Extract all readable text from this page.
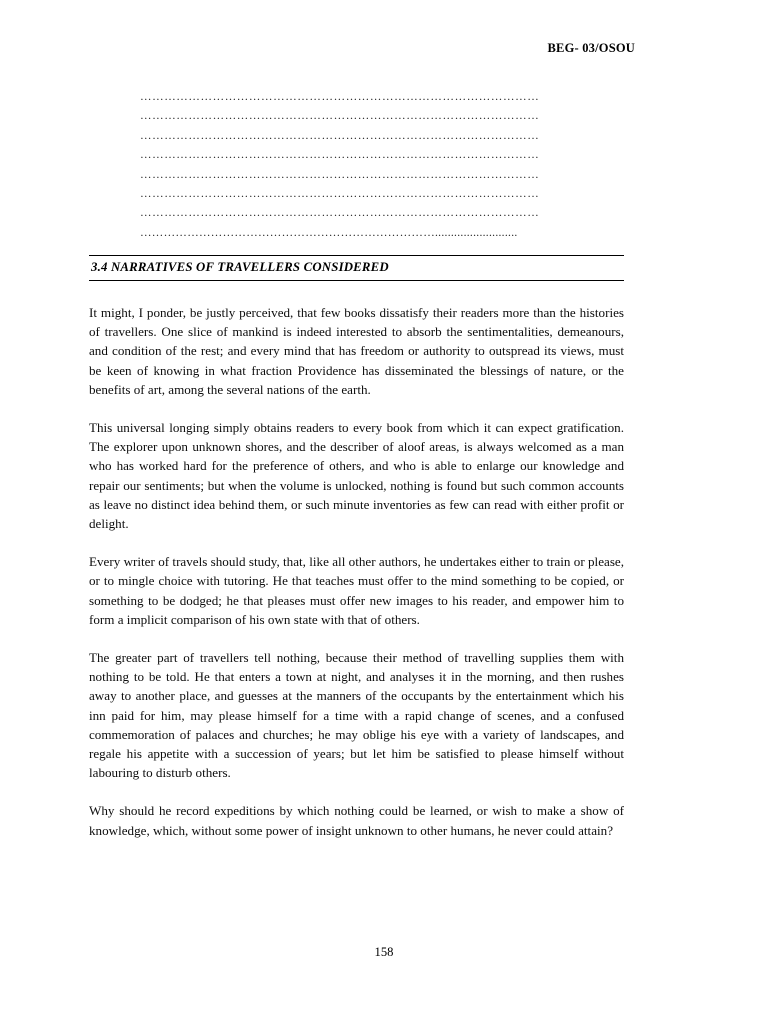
BEG- 03/OSOU
………………………………………………………………………………………
………………………………………………………………………………………
………………………………………………………………………………………
………………………………………………………………………………………
………………………………………………………………………………………
………………………………………………………………………………………
………………………………………………………………………………………
…………………………………………………………………..........................
3.4 NARRATIVES OF TRAVELLERS CONSIDERED

It might, I ponder, be justly perceived, that few books dissatisfy their readers more than the histories of travellers. One slice of mankind is indeed interested to absorb the sentimentalities, demeanours, and condition of the rest; and every mind that has freedom or authority to outspread its views, must be keen of knowing in what fraction Providence has disseminated the blessings of nature, or the benefits of art, among the several nations of the earth.

This universal longing simply obtains readers to every book from which it can expect gratification. The explorer upon unknown shores, and the describer of aloof areas, is always welcomed as a man who has worked hard for the preference of others, and who is able to enlarge our knowledge and repair our sentiments; but when the volume is unlocked, nothing is found but such common accounts as leave no distinct idea behind them, or such minute inventories as few can read with either profit or delight.

Every writer of travels should study, that, like all other authors, he undertakes either to train or please, or to mingle choice with tutoring. He that teaches must offer to the mind something to be copied, or something to be dodged; he that pleases must offer new images to his reader, and empower him to form a implicit comparison of his own state with that of others.

The greater part of travellers tell nothing, because their method of travelling supplies them with nothing to be told. He that enters a town at night, and analyses it in the morning, and then rushes away to another place, and guesses at the manners of the occupants by the entertainment which his inn paid for him, may please himself for a time with a rapid change of scenes, and a confused commemoration of palaces and churches; he may oblige his eye with a variety of landscapes, and regale his appetite with a succession of years; but let him be satisfied to please himself without labouring to disturb others.

Why should he record expeditions by which nothing could be learned, or wish to make a show of knowledge, which, without some power of insight unknown to other humans, he never could attain?

158
